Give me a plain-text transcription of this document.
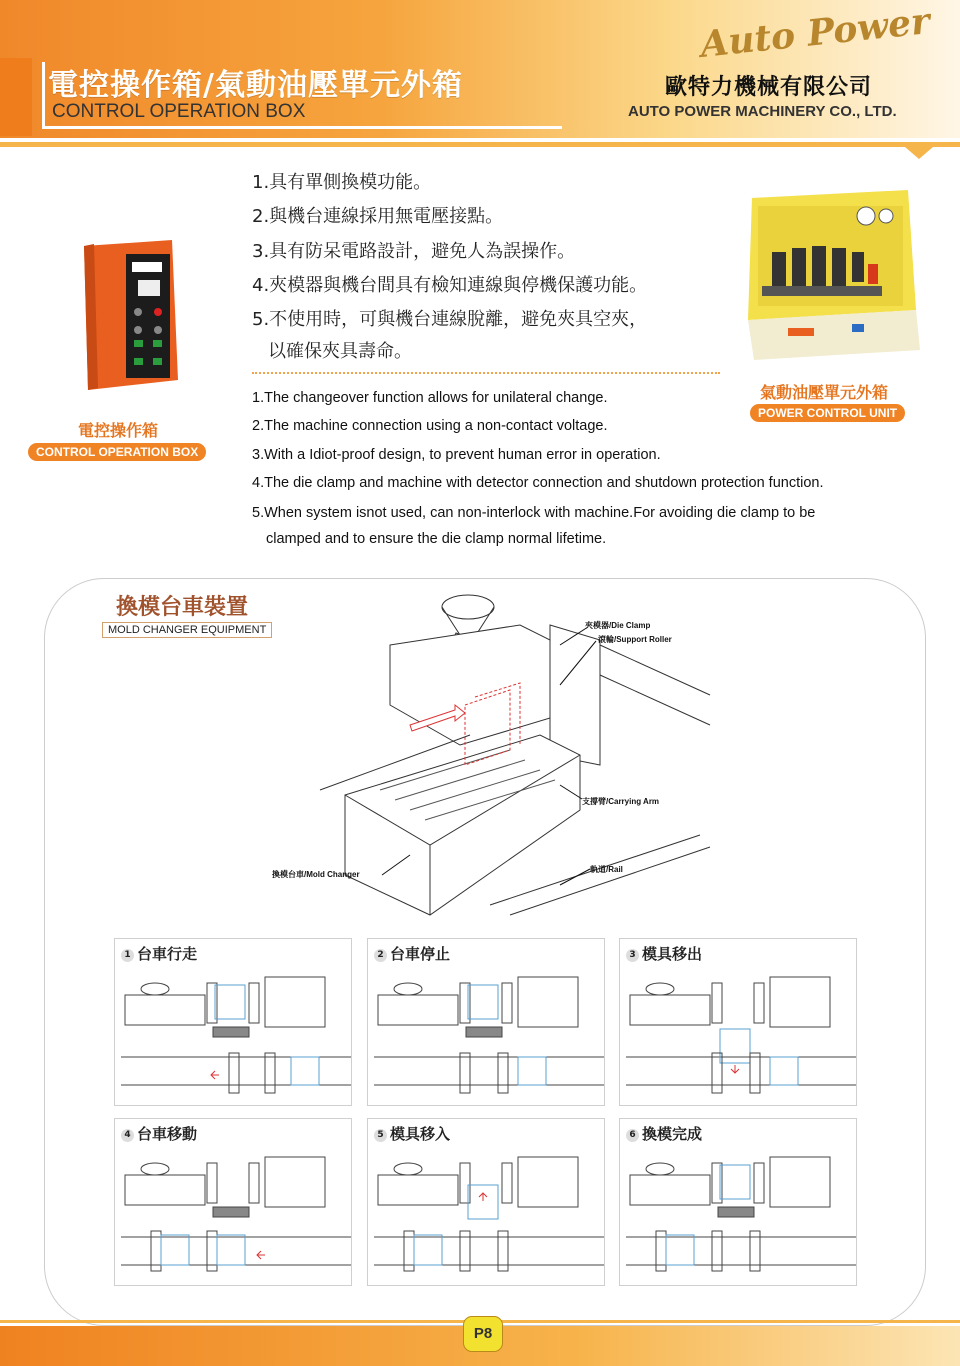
電控操作箱/氣動油壓單元外箱
CONTROL OPERATION BOX
Auto Power
歐特力機械有限公司
AUTO POWER MACHINERY CO., LTD.
電控操作箱
CONTROL OPERATION BOX
氣動油壓單元外箱
POWER CONTROL UNIT
1.具有單側換模功能。
2.與機台連線採用無電壓接點。
3.具有防呆電路設計，避免人為誤操作。
4.夾模器與機台間具有檢知連線與停機保護功能。
5.不使用時，可與機台連線脫離，避免夾具空夾，
以確保夾具壽命。
1.The changeover function allows for unilateral change.
2.The machine connection using a non-contact voltage.
3.With a Idiot-proof design, to prevent human error in operation.
4.The die clamp and machine with detector connection and shutdown protection function.
5.When system isnot used, can non-interlock with machine.For avoiding die clamp to be
clamped and to ensure the die clamp normal lifetime.
換模台車裝置
MOLD CHANGER EQUIPMENT	夾模器/Die Clamp
滾輪/Support Roller
支撐臂/Carrying Arm
換模台車/Mold Changer
軌道/Rail
1 台車行走	2 台車停止	3 模具移出
4 台車移動	5 模具移入	6 換模完成
P8
